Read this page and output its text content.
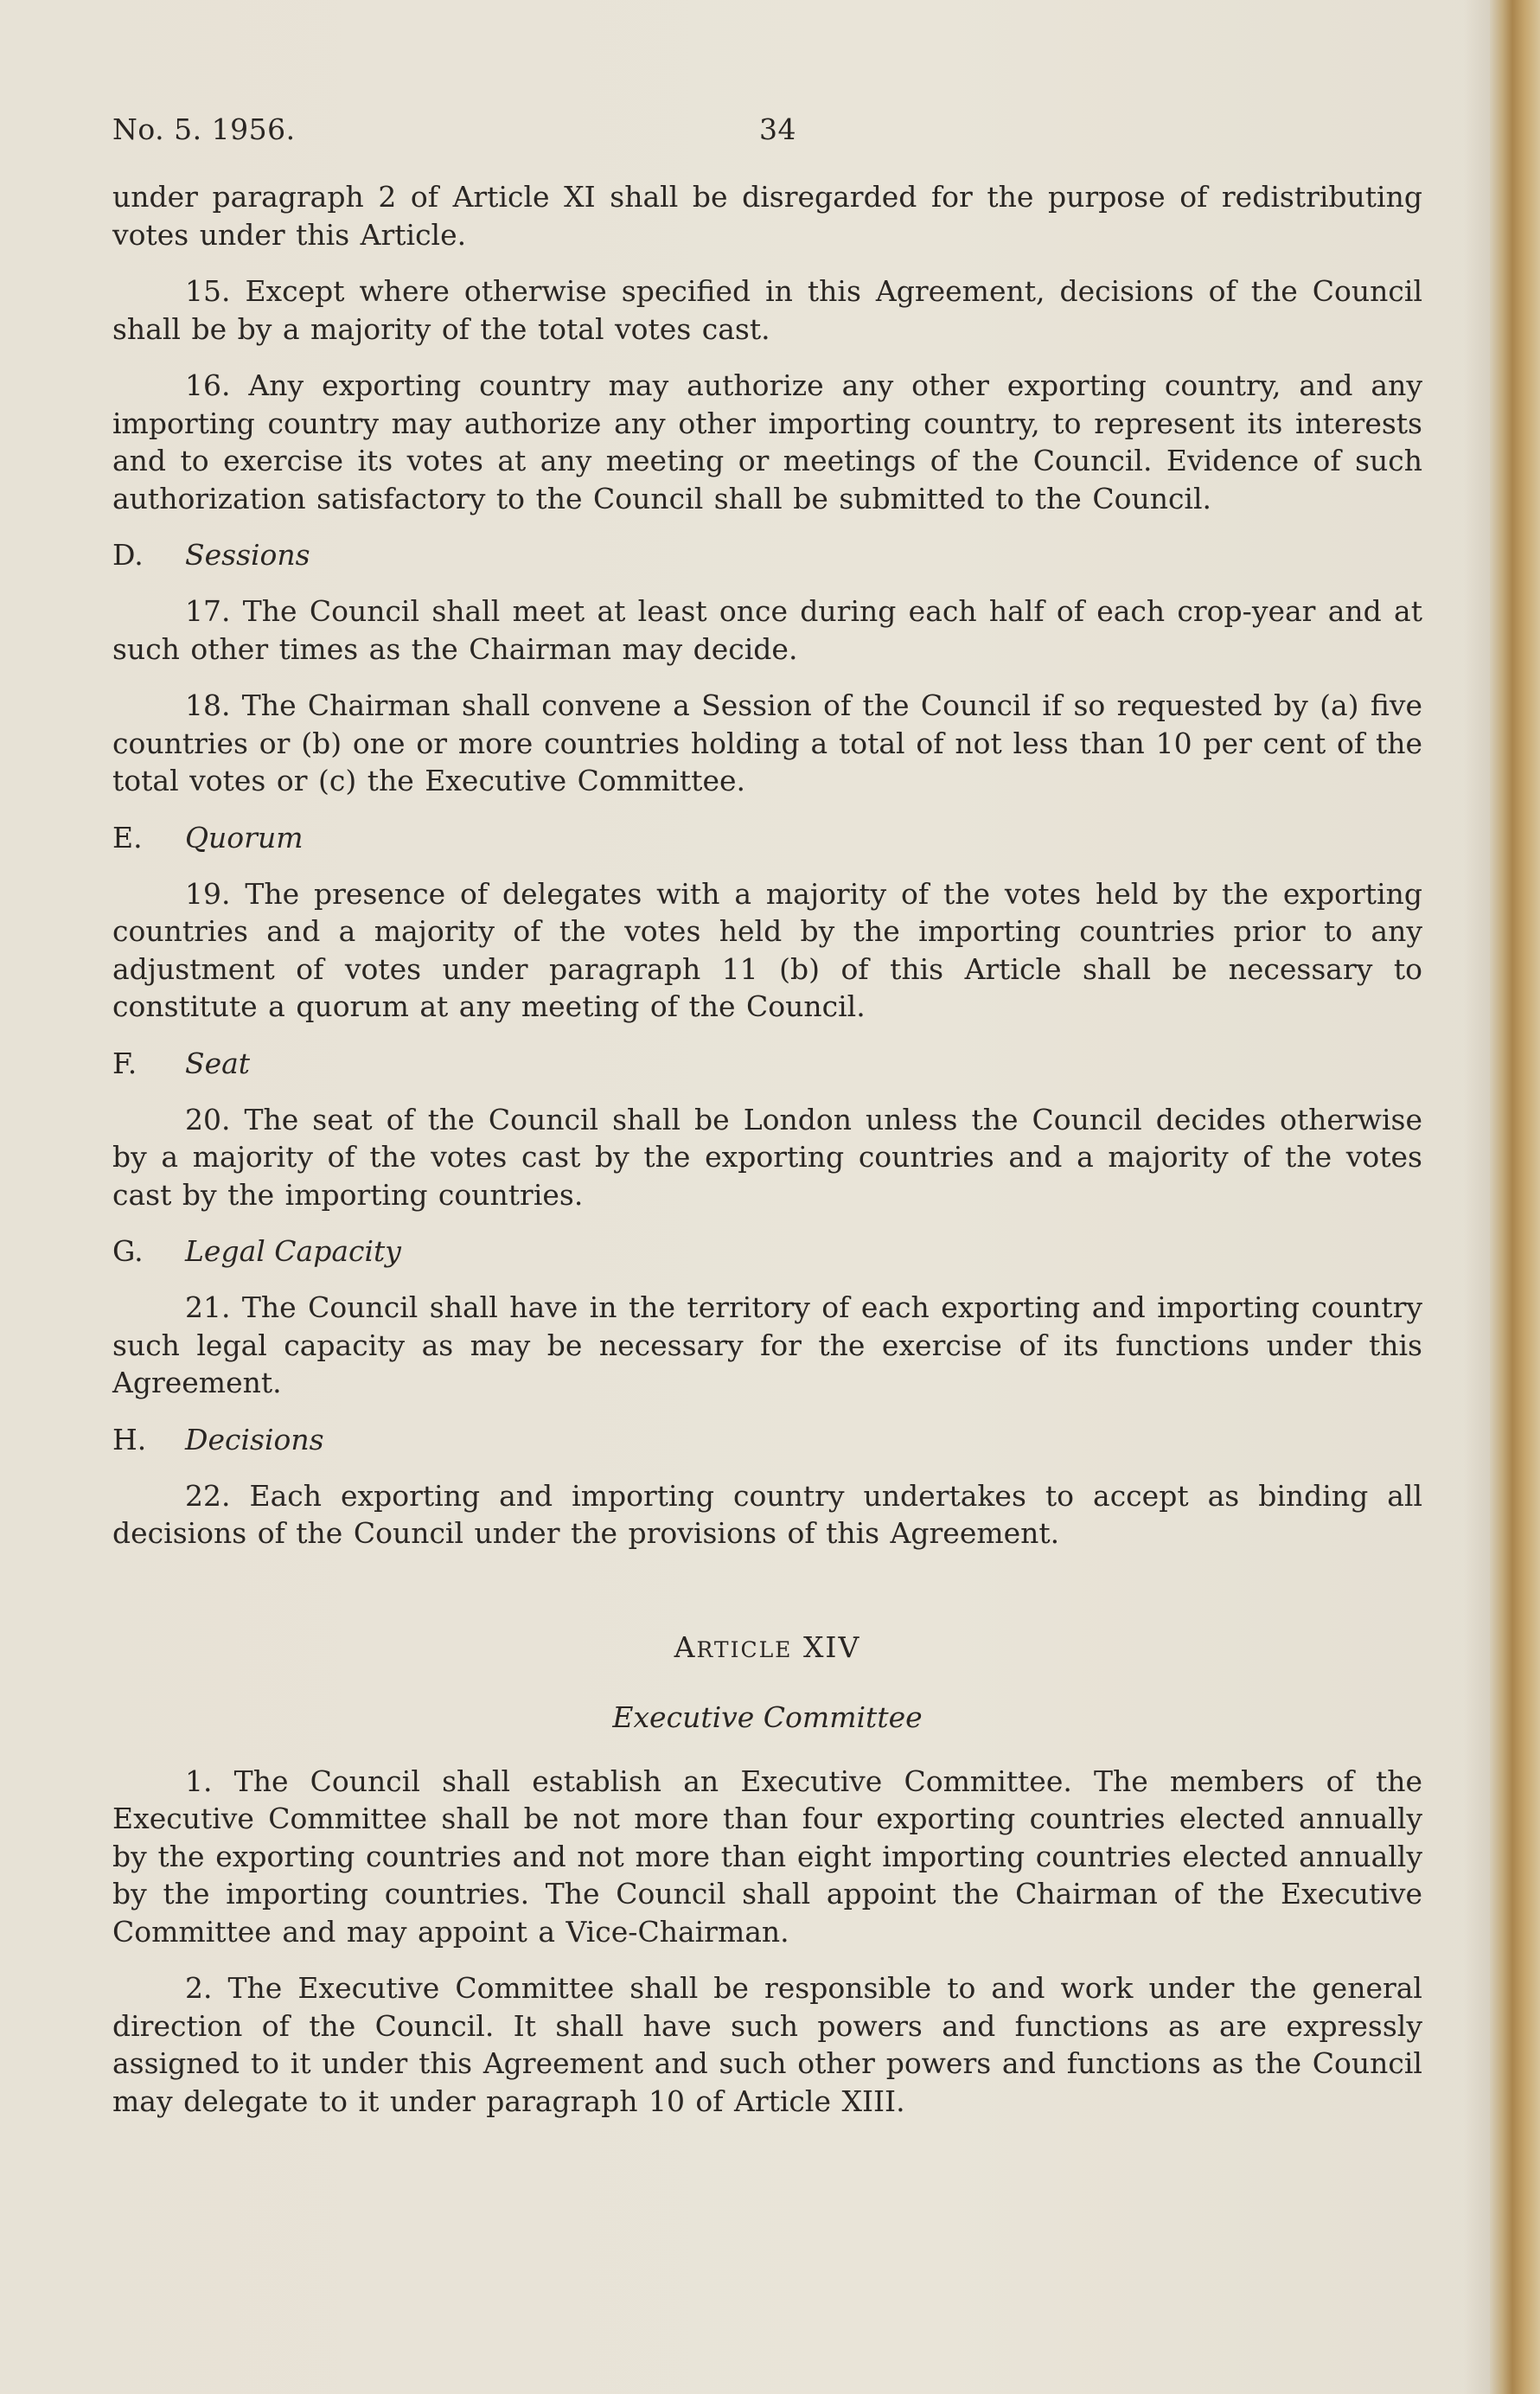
No. 5. 1956.	34

under paragraph 2 of Article XI shall be disregarded for the purpose of redistributing votes under this Article.

15. Except where otherwise specified in this Agreement, decisions of the Council shall be by a majority of the total votes cast.

16. Any exporting country may authorize any other exporting country, and any importing country may authorize any other importing country, to represent its interests and to exercise its votes at any meeting or meetings of the Council. Evidence of such authorization satisfactory to the Council shall be submitted to the Council.

D. Sessions

17. The Council shall meet at least once during each half of each crop-year and at such other times as the Chairman may decide.

18. The Chairman shall convene a Session of the Council if so requested by (a) five countries or (b) one or more countries holding a total of not less than 10 per cent of the total votes or (c) the Executive Committee.

E. Quorum

19. The presence of delegates with a majority of the votes held by the exporting countries and a majority of the votes held by the importing countries prior to any adjustment of votes under paragraph 11 (b) of this Article shall be necessary to constitute a quorum at any meeting of the Council.

F. Seat

20. The seat of the Council shall be London unless the Council decides otherwise by a majority of the votes cast by the exporting countries and a majority of the votes cast by the importing countries.

G. Legal Capacity

21. The Council shall have in the territory of each exporting and importing country such legal capacity as may be necessary for the exercise of its functions under this Agreement.

H. Decisions

22. Each exporting and importing country undertakes to accept as binding all decisions of the Council under the provisions of this Agreement.

ARTICLE XIV
Executive Committee

1. The Council shall establish an Executive Committee. The members of the Executive Committee shall be not more than four exporting countries elected annually by the exporting countries and not more than eight importing countries elected annually by the importing countries. The Council shall appoint the Chairman of the Executive Committee and may appoint a Vice-Chairman.

2. The Executive Committee shall be responsible to and work under the general direction of the Council. It shall have such powers and functions as are expressly assigned to it under this Agreement and such other powers and functions as the Council may delegate to it under paragraph 10 of Article XIII.
